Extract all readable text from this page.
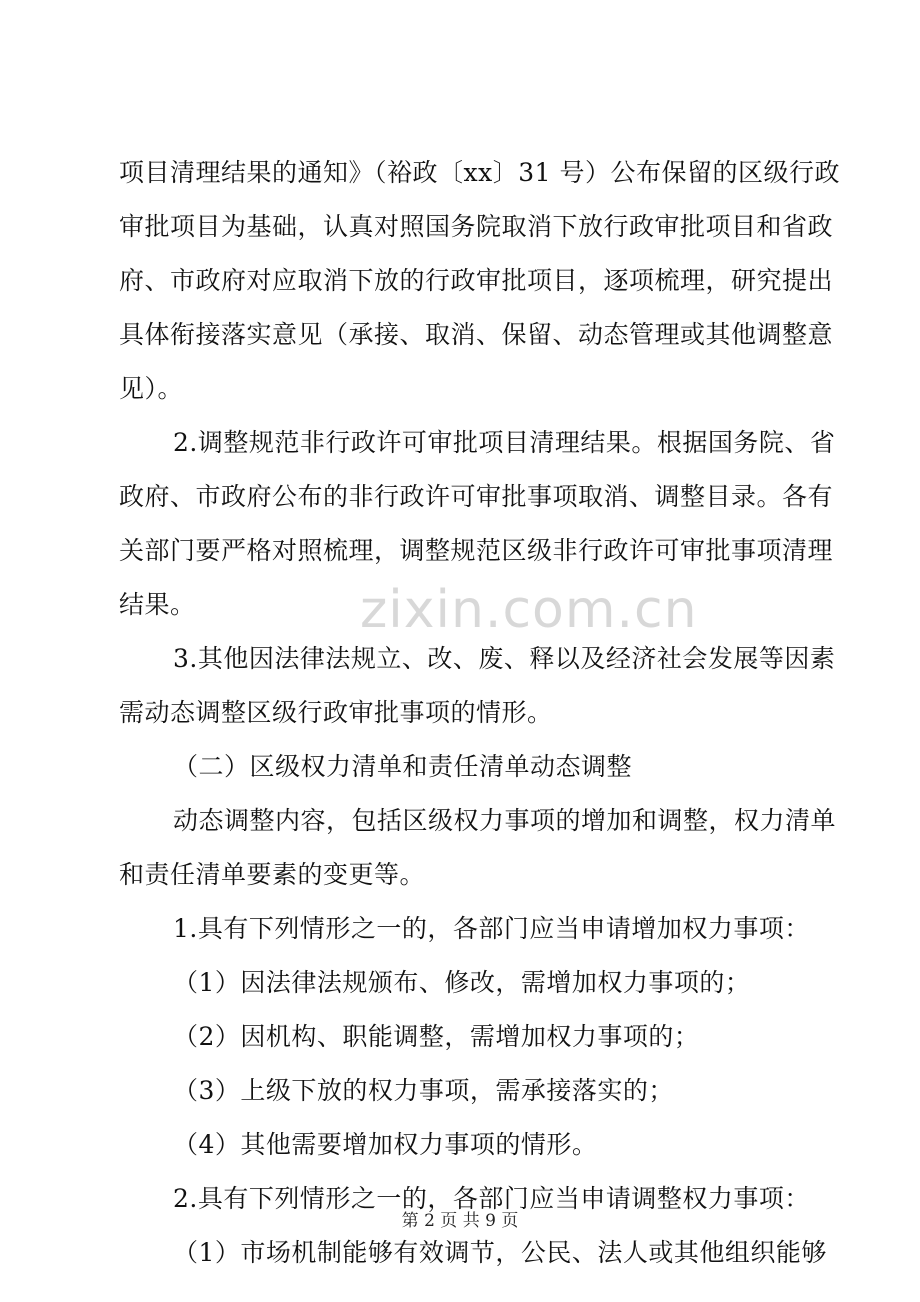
zixin.com.cn
项目清理结果的通知》（裕政〔xx〕31 号）公布保留的区级行政
审批项目为基础，认真对照国务院取消下放行政审批项目和省政
府、市政府对应取消下放的行政审批项目，逐项梳理，研究提出
具体衔接落实意见（承接、取消、保留、动态管理或其他调整意
见）。
2.调整规范非行政许可审批项目清理结果。根据国务院、省
政府、市政府公布的非行政许可审批事项取消、调整目录。各有
关部门要严格对照梳理，调整规范区级非行政许可审批事项清理
结果。
3.其他因法律法规立、改、废、释以及经济社会发展等因素
需动态调整区级行政审批事项的情形。
（二）区级权力清单和责任清单动态调整
动态调整内容，包括区级权力事项的增加和调整，权力清单
和责任清单要素的变更等。
1.具有下列情形之一的，各部门应当申请增加权力事项：
（1）因法律法规颁布、修改，需增加权力事项的；
（2）因机构、职能调整，需增加权力事项的；
（3）上级下放的权力事项，需承接落实的；
（4）其他需要增加权力事项的情形。
2.具有下列情形之一的，各部门应当申请调整权力事项：
（1）市场机制能够有效调节，公民、法人或其他组织能够
第 2 页 共 9 页
